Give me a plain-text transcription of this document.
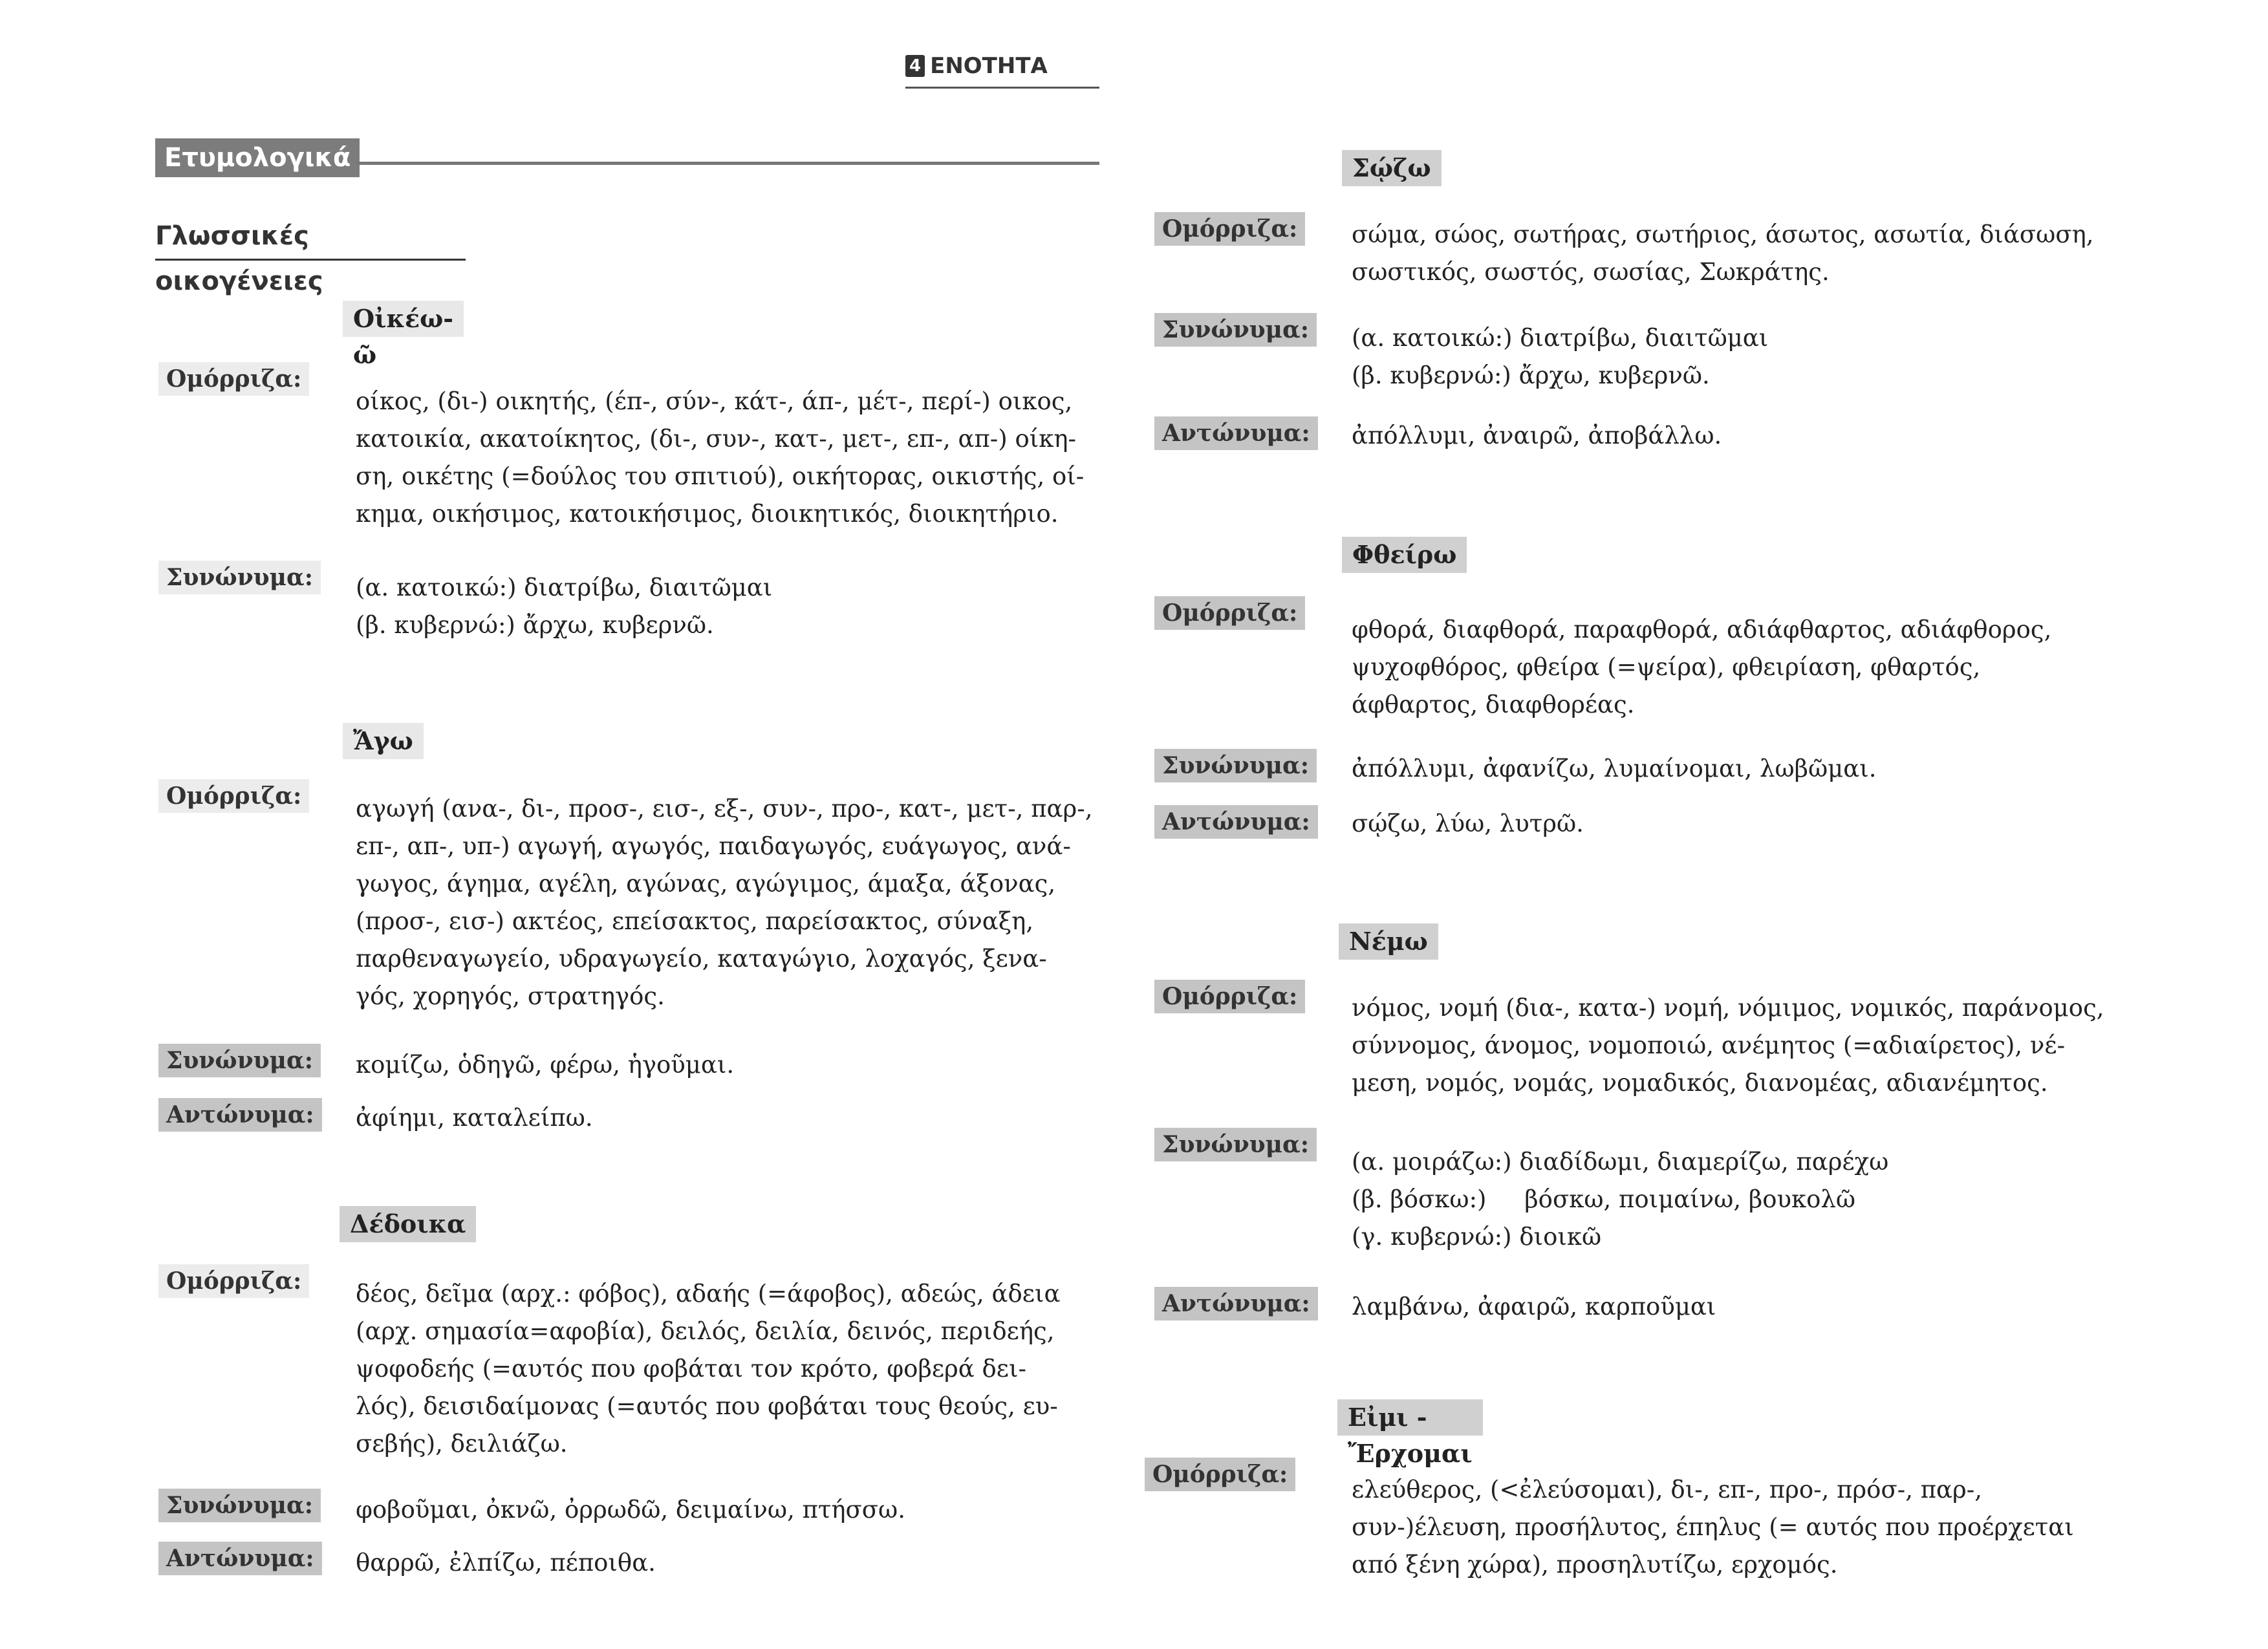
4 ΕΝΟΤΗΤΑ
Ετυμολογικά
Γλωσσικές οικογένειες
Οἰκέω-ῶ
Ομόρριζα:
οίκος, (δι-) οικητής, (έπ-, σύν-, κάτ-, άπ-, μέτ-, περί-) οικος,
κατοικία, ακατοίκητος, (δι-, συν-, κατ-, μετ-, επ-, απ-) οίκη-
ση, οικέτης (=δούλος του σπιτιού), οικήτορας, οικιστής, οί-
κημα, οικήσιμος, κατοικήσιμος, διοικητικός, διοικητήριο.
Συνώνυμα:	(α. κατοικώ:) διατρίβω, διαιτῶμαι
(β. κυβερνώ:) ἄρχω, κυβερνῶ.
Ἄγω
Ομόρριζα:	αγωγή (ανα-, δι-, προσ-, εισ-, εξ-, συν-, προ-, κατ-, μετ-, παρ-,
επ-, απ-, υπ-) αγωγή, αγωγός, παιδαγωγός, ευάγωγος, ανά-
γωγος, άγημα, αγέλη, αγώνας, αγώγιμος, άμαξα, άξονας,
(προσ-, εισ-) ακτέος, επείσακτος, παρείσακτος, σύναξη,
παρθεναγωγείο, υδραγωγείο, καταγώγιο, λοχαγός, ξενα-
γός, χορηγός, στρατηγός.
Συνώνυμα:	κομίζω, ὁδηγῶ, φέρω, ἡγοῦμαι.
Αντώνυμα:	ἀφίημι, καταλείπω.
Δέδοικα
Ομόρριζα:	δέος, δεῖμα (αρχ.: φόβος), αδαής (=άφοβος), αδεώς, άδεια
(αρχ. σημασία=αφοβία), δειλός, δειλία, δεινός, περιδεής,
ψοφοδεής (=αυτός που φοβάται τον κρότο, φοβερά δει-
λός), δεισιδαίμονας (=αυτός που φοβάται τους θεούς, ευ-
σεβής), δειλιάζω.
Συνώνυμα:	φοβοῦμαι, ὀκνῶ, ὀρρωδῶ, δειμαίνω, πτήσσω.
Αντώνυμα:	θαρρῶ, ἐλπίζω, πέποιθα.
Σῴζω
Ομόρριζα:	σώμα, σώος, σωτήρας, σωτήριος, άσωτος, ασωτία, διάσωση,
σωστικός, σωστός, σωσίας, Σωκράτης.
Συνώνυμα:	(α. κατοικώ:) διατρίβω, διαιτῶμαι
(β. κυβερνώ:) ἄρχω, κυβερνῶ.
Αντώνυμα:	ἀπόλλυμι, ἀναιρῶ, ἀποβάλλω.
Φθείρω
Ομόρριζα:
φθορά, διαφθορά, παραφθορά, αδιάφθαρτος, αδιάφθορος,
ψυχοφθόρος, φθείρα (=ψείρα), φθειρίαση, φθαρτός,
άφθαρτος, διαφθορέας.
Συνώνυμα:	ἀπόλλυμι, ἀφανίζω, λυμαίνομαι, λωβῶμαι.
Αντώνυμα:	σῴζω, λύω, λυτρῶ.
Νέμω
Ομόρριζα:	νόμος, νομή (δια-, κατα-) νομή, νόμιμος, νομικός, παράνομος,
σύννομος, άνομος, νομοποιώ, ανέμητος (=αδιαίρετος), νέ-
μεση, νομός, νομάς, νομαδικός, διανομέας, αδιανέμητος.
Συνώνυμα:
(α. μοιράζω:) διαδίδωμι, διαμερίζω, παρέχω
(β. βόσκω:)     βόσκω, ποιμαίνω, βουκολῶ
(γ. κυβερνώ:) διοικῶ
Αντώνυμα:	λαμβάνω, ἀφαιρῶ, καρποῦμαι
Εἰμι - Ἔρχομαι
Ομόρριζα:
ελεύθερος, (<ἐλεύσομαι), δι-, επ-, προ-, πρόσ-, παρ-,
συν-)έλευση, προσήλυτος, έπηλυς (= αυτός που προέρχεται
από ξένη χώρα), προσηλυτίζω, ερχομός.
